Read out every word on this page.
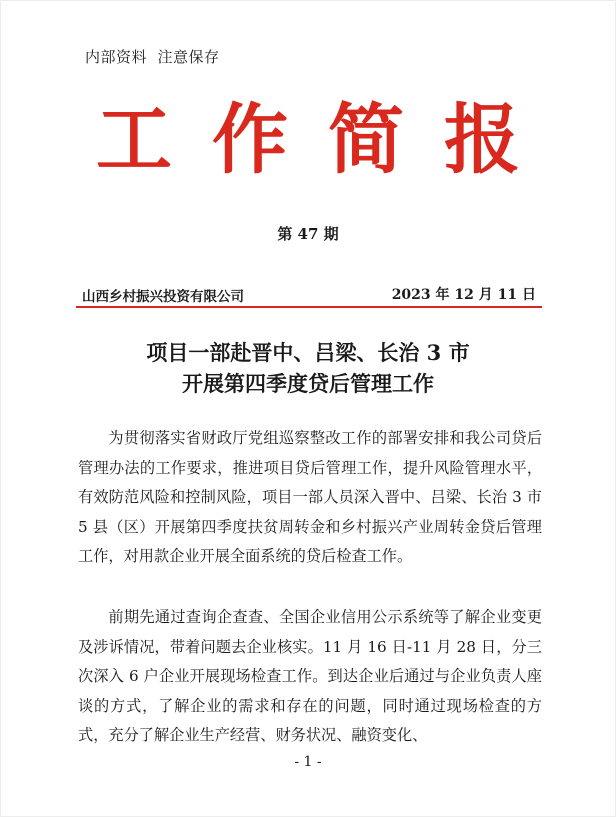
内部资料  注意保存
工作简报
第 47 期
山西乡村振兴投资有限公司	2023 年 12 月 11 日
项目一部赴晋中、吕梁、长治 3 市
开展第四季度贷后管理工作

为贯彻落实省财政厅党组巡察整改工作的部署安排和我公司贷后管理办法的工作要求，推进项目贷后管理工作，提升风险管理水平，有效防范风险和控制风险，项目一部人员深入晋中、吕梁、长治 3 市 5 县（区）开展第四季度扶贫周转金和乡村振兴产业周转金贷后管理工作，对用款企业开展全面系统的贷后检查工作。

前期先通过查询企查查、全国企业信用公示系统等了解企业变更及涉诉情况，带着问题去企业核实。11 月 16 日-11 月 28 日，分三次深入 6 户企业开展现场检查工作。到达企业后通过与企业负责人座谈的方式，了解企业的需求和存在的问题，同时通过现场检查的方式，充分了解企业生产经营、财务状况、融资变化、

- 1 -
